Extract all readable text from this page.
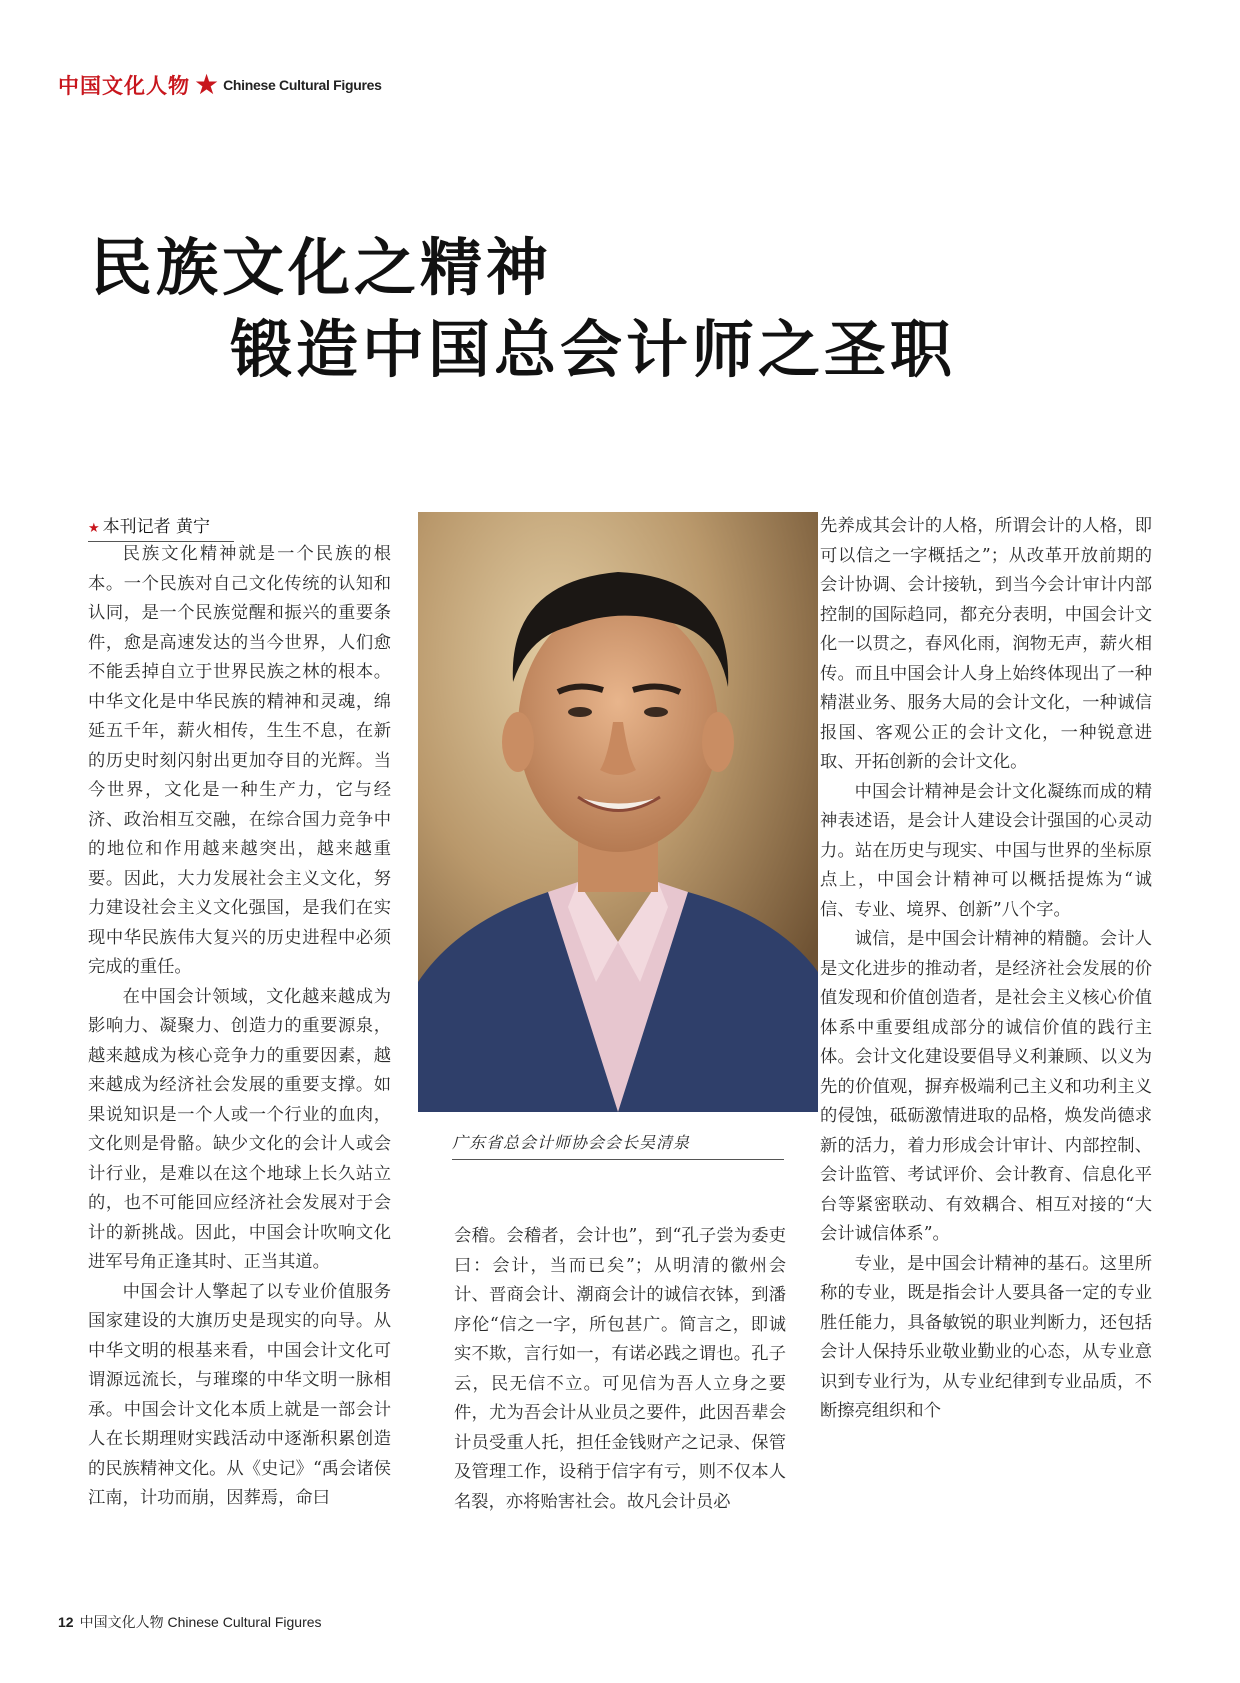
中国文化人物 ★ Chinese Cultural Figures
民族文化之精神
锻造中国总会计师之圣职
★ 本刊记者 黄宁

民族文化精神就是一个民族的根本。一个民族对自己文化传统的认知和认同，是一个民族觉醒和振兴的重要条件，愈是高速发达的当今世界，人们愈不能丢掉自立于世界民族之林的根本。中华文化是中华民族的精神和灵魂，绵延五千年，薪火相传，生生不息，在新的历史时刻闪射出更加夺目的光辉。当今世界，文化是一种生产力，它与经济、政治相互交融，在综合国力竞争中的地位和作用越来越突出，越来越重要。因此，大力发展社会主义文化，努力建设社会主义文化强国，是我们在实现中华民族伟大复兴的历史进程中必须完成的重任。

在中国会计领域，文化越来越成为影响力、凝聚力、创造力的重要源泉，越来越成为核心竞争力的重要因素，越来越成为经济社会发展的重要支撑。如果说知识是一个人或一个行业的血肉，文化则是骨骼。缺少文化的会计人或会计行业，是难以在这个地球上长久站立的，也不可能回应经济社会发展对于会计的新挑战。因此，中国会计吹响文化进军号角正逢其时、正当其道。

中国会计人擎起了以专业价值服务国家建设的大旗历史是现实的向导。从中华文明的根基来看，中国会计文化可谓源远流长，与璀璨的中华文明一脉相承。中国会计文化本质上就是一部会计人在长期理财实践活动中逐渐积累创造的民族精神文化。从《史记》“禹会诸侯江南，计功而崩，因葬焉，命曰

广东省总会计师协会会长吴清泉

会稽。会稽者，会计也”，到“孔子尝为委吏曰：会计，当而已矣”；从明清的徽州会计、晋商会计、潮商会计的诚信衣钵，到潘序伦“信之一字，所包甚广。简言之，即诚实不欺，言行如一，有诺必践之谓也。孔子云，民无信不立。可见信为吾人立身之要件，尤为吾会计从业员之要件，此因吾辈会计员受重人托，担任金钱财产之记录、保管及管理工作，设稍于信字有亏，则不仅本人名裂，亦将贻害社会。故凡会计员必

先养成其会计的人格，所谓会计的人格，即可以信之一字概括之”；从改革开放前期的会计协调、会计接轨，到当今会计审计内部控制的国际趋同，都充分表明，中国会计文化一以贯之，春风化雨，润物无声，薪火相传。而且中国会计人身上始终体现出了一种精湛业务、服务大局的会计文化，一种诚信报国、客观公正的会计文化，一种锐意进取、开拓创新的会计文化。

中国会计精神是会计文化凝练而成的精神表述语，是会计人建设会计强国的心灵动力。站在历史与现实、中国与世界的坐标原点上，中国会计精神可以概括提炼为“诚信、专业、境界、创新”八个字。

诚信，是中国会计精神的精髓。会计人是文化进步的推动者，是经济社会发展的价值发现和价值创造者，是社会主义核心价值体系中重要组成部分的诚信价值的践行主体。会计文化建设要倡导义利兼顾、以义为先的价值观，摒弃极端利己主义和功利主义的侵蚀，砥砺激情进取的品格，焕发尚德求新的活力，着力形成会计审计、内部控制、会计监管、考试评价、会计教育、信息化平台等紧密联动、有效耦合、相互对接的“大会计诚信体系”。

专业，是中国会计精神的基石。这里所称的专业，既是指会计人要具备一定的专业胜任能力，具备敏锐的职业判断力，还包括会计人保持乐业敬业勤业的心态，从专业意识到专业行为，从专业纪律到专业品质，不断擦亮组织和个

12 中国文化人物 Chinese Cultural Figures
